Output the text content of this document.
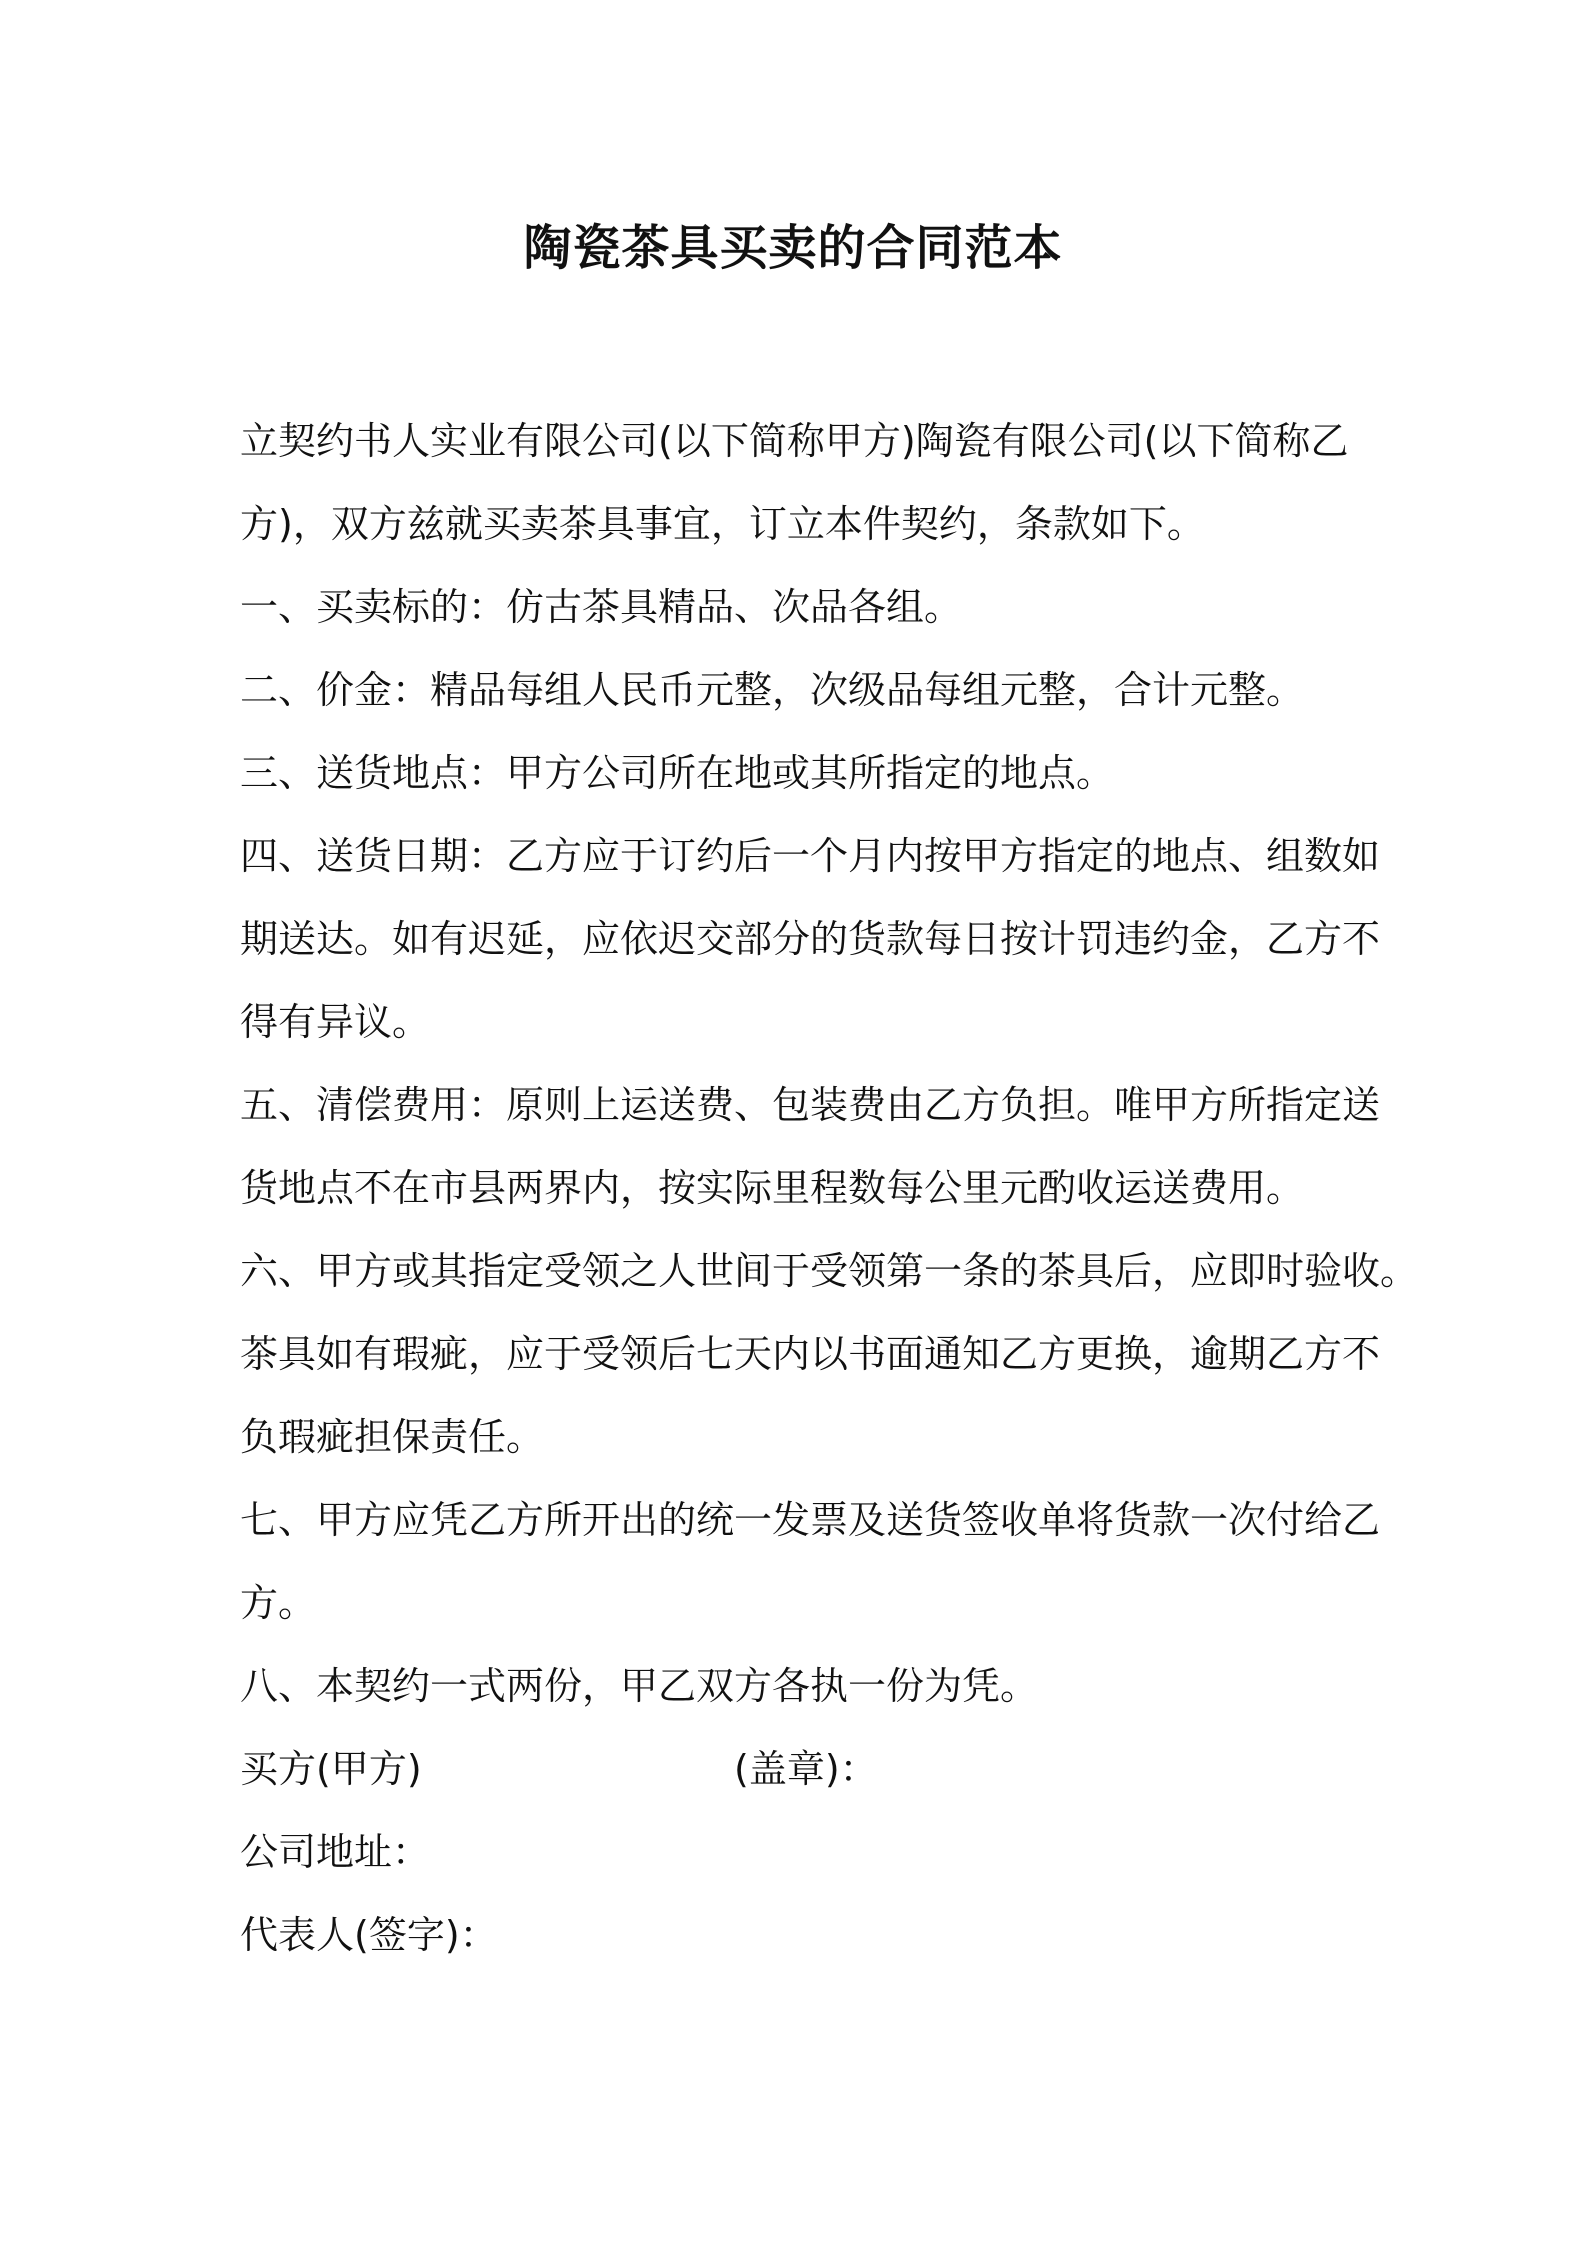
陶瓷茶具买卖的合同范本
立契约书人实业有限公司(以下简称甲方)陶瓷有限公司(以下简称乙
方)，双方兹就买卖茶具事宜，订立本件契约，条款如下。
一、买卖标的：仿古茶具精品、次品各组。
二、价金：精品每组人民币元整，次级品每组元整，合计元整。
三、送货地点：甲方公司所在地或其所指定的地点。
四、送货日期：乙方应于订约后一个月内按甲方指定的地点、组数如
期送达。如有迟延，应依迟交部分的货款每日按计罚违约金，乙方不
得有异议。
五、清偿费用：原则上运送费、包装费由乙方负担。唯甲方所指定送
货地点不在市县两界内，按实际里程数每公里元酌收运送费用。
六、甲方或其指定受领之人世间于受领第一条的茶具后，应即时验收。
茶具如有瑕疵，应于受领后七天内以书面通知乙方更换，逾期乙方不
负瑕疵担保责任。
七、甲方应凭乙方所开出的统一发票及送货签收单将货款一次付给乙
方。
八、本契约一式两份，甲乙双方各执一份为凭。
买方(甲方)	(盖章)：
公司地址：
代表人(签字)：
